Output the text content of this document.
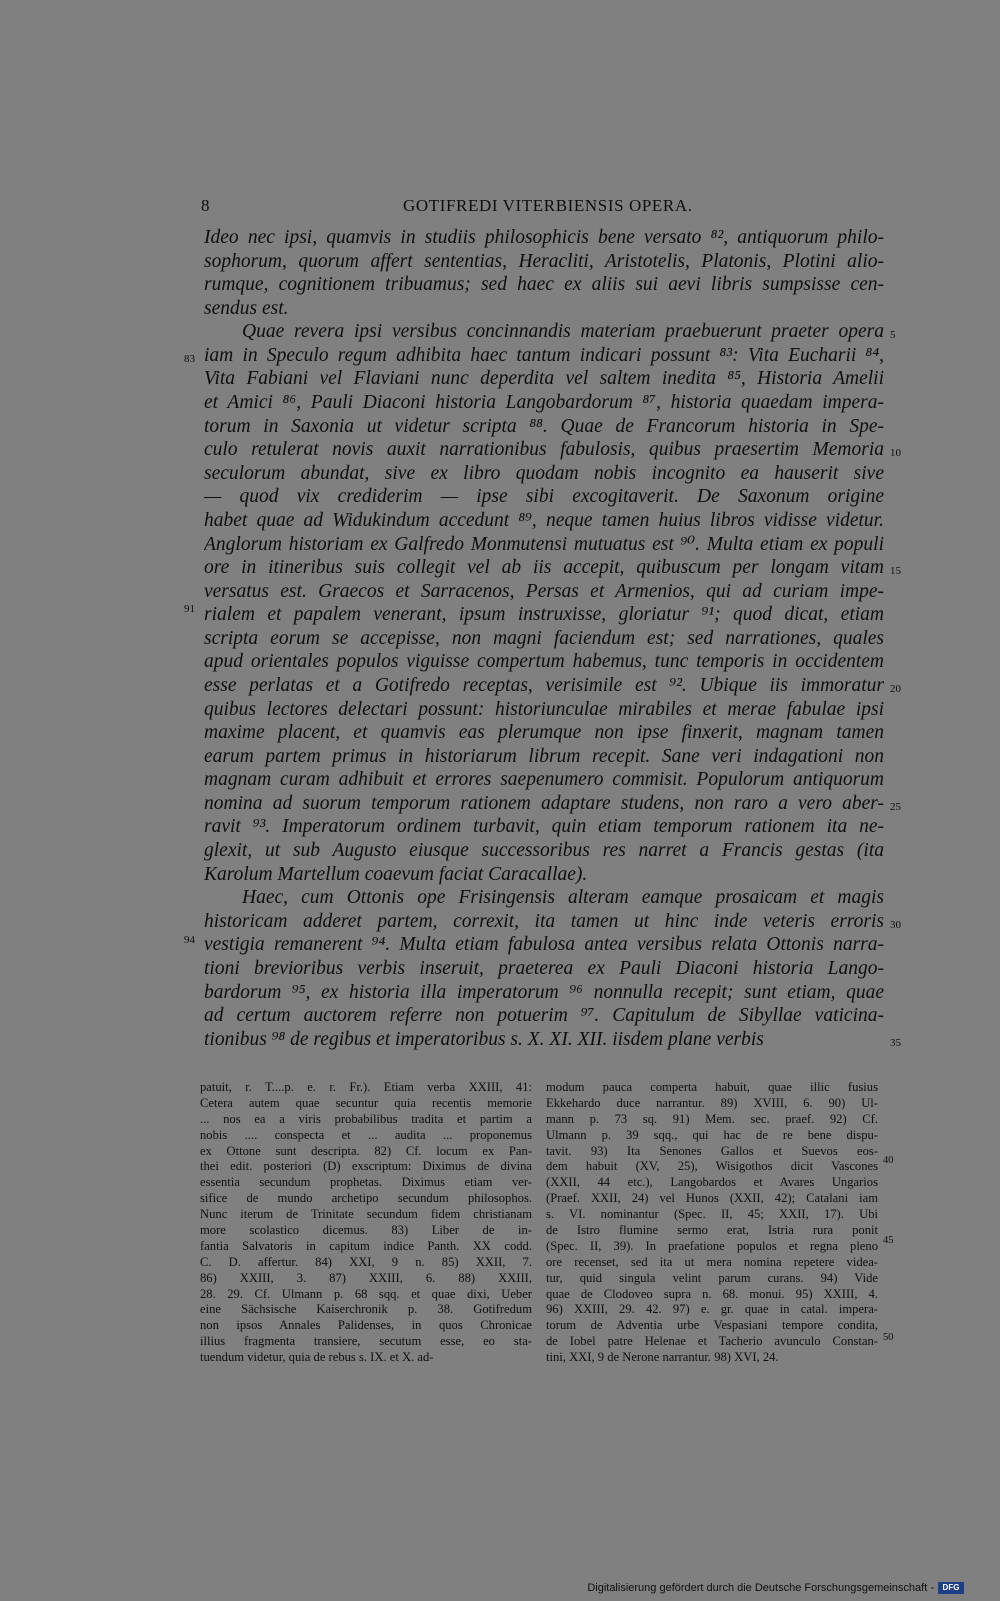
8	GOTIFREDI VITERBIENSIS OPERA.
Ideo nec ipsi, quamvis in studiis philosophicis bene versato ⁸², antiquorum philo-
sophorum, quorum affert sententias, Heracliti, Aristotelis, Platonis, Plotini alio-
rumque, cognitionem tribuamus; sed haec ex aliis sui aevi libris sumpsisse cen-
sendus est.
Quae revera ipsi versibus concinnandis materiam praebuerunt praeter opera
iam in Speculo regum adhibita haec tantum indicari possunt ⁸³: Vita Eucharii ⁸⁴,
Vita Fabiani vel Flaviani nunc deperdita vel saltem inedita ⁸⁵, Historia Amelii
et Amici ⁸⁶, Pauli Diaconi historia Langobardorum ⁸⁷, historia quaedam impera-
torum in Saxonia ut videtur scripta ⁸⁸. Quae de Francorum historia in Spe-
culo retulerat novis auxit narrationibus fabulosis, quibus praesertim Memoria
seculorum abundat, sive ex libro quodam nobis incognito ea hauserit sive
— quod vix crediderim — ipse sibi excogitaverit. De Saxonum origine
habet quae ad Widukindum accedunt ⁸⁹, neque tamen huius libros vidisse videtur.
Anglorum historiam ex Galfredo Monmutensi mutuatus est ⁹⁰. Multa etiam ex populi
ore in itineribus suis collegit vel ab iis accepit, quibuscum per longam vitam
versatus est. Graecos et Sarracenos, Persas et Armenios, qui ad curiam impe-
rialem et papalem venerant, ipsum instruxisse, gloriatur ⁹¹; quod dicat, etiam
scripta eorum se accepisse, non magni faciendum est; sed narrationes, quales
apud orientales populos viguisse compertum habemus, tunc temporis in occidentem
esse perlatas et a Gotifredo receptas, verisimile est ⁹². Ubique iis immoratur
quibus lectores delectari possunt: historiunculae mirabiles et merae fabulae ipsi
maxime placent, et quamvis eas plerumque non ipse finxerit, magnam tamen
earum partem primus in historiarum librum recepit. Sane veri indagationi non
magnam curam adhibuit et errores saepenumero commisit. Populorum antiquorum
nomina ad suorum temporum rationem adaptare studens, non raro a vero aber-
ravit ⁹³. Imperatorum ordinem turbavit, quin etiam temporum rationem ita ne-
glexit, ut sub Augusto eiusque successoribus res narret a Francis gestas (ita
Karolum Martellum coaevum faciat Caracallae).
Haec, cum Ottonis ope Frisingensis alteram eamque prosaicam et magis
historicam adderet partem, correxit, ita tamen ut hinc inde veteris erroris
vestigia remanerent ⁹⁴. Multa etiam fabulosa antea versibus relata Ottonis narra-
tioni brevioribus verbis inseruit, praeterea ex Pauli Diaconi historia Lango-
bardorum ⁹⁵, ex historia illa imperatorum ⁹⁶ nonnulla recepit; sunt etiam, quae
ad certum auctorem referre non potuerim ⁹⁷. Capitulum de Sibyllae vaticina-
tionibus ⁹⁸ de regibus et imperatoribus s. X. XI. XII. iisdem plane verbis
83
91
94
5
10
15
20
25
30
35
patuit, r. T....p. e. r. Fr.). Etiam verba XXIII, 41:
Cetera autem quae secuntur quia recentis memorie
... nos ea a viris probabilibus tradita et partim a
nobis .... conspecta et ... audita ... proponemus
ex Ottone sunt descripta. 82) Cf. locum ex Pan-
thei edit. posteriori (D) exscriptum: Diximus de divina
essentia secundum prophetas. Diximus etiam ver-
sifice de mundo archetipo secundum philosophos.
Nunc iterum de Trinitate secundum fidem christianam
more scolastico dicemus. 83) Liber de in-
fantia Salvatoris in capitum indice Panth. XX codd.
C. D. affertur. 84) XXI, 9 n. 85) XXII, 7.
86) XXIII, 3. 87) XXIII, 6. 88) XXIII,
28. 29. Cf. Ulmann p. 68 sqq. et quae dixi, Ueber
eine Sächsische Kaiserchronik p. 38. Gotifredum
non ipsos Annales Palidenses, in quos Chronicae
illius fragmenta transiere, secutum esse, eo sta-
tuendum videtur, quia de rebus s. IX. et X. ad-
modum pauca comperta habuit, quae illic fusius
Ekkehardo duce narrantur. 89) XVIII, 6. 90) Ul-
mann p. 73 sq. 91) Mem. sec. praef. 92) Cf.
Ulmann p. 39 sqq., qui hac de re bene dispu-
tavit. 93) Ita Senones Gallos et Suevos eos-
dem habuit (XV, 25), Wisigothos dicit Vascones
(XXII, 44 etc.), Langobardos et Avares Ungarios
(Praef. XXII, 24) vel Hunos (XXII, 42); Catalani iam
s. VI. nominantur (Spec. II, 45; XXII, 17). Ubi
de Istro flumine sermo erat, Istria rura ponit
(Spec. II, 39). In praefatione populos et regna pleno
ore recenset, sed ita ut mera nomina repetere videa-
tur, quid singula velint parum curans. 94) Vide
quae de Clodoveo supra n. 68. monui. 95) XXIII, 4.
96) XXIII, 29. 42. 97) e. gr. quae in catal. impera-
torum de Adventia urbe Vespasiani tempore condita,
de Iobel patre Helenae et Tacherio avunculo Constan-
tini, XXI, 9 de Nerone narrantur. 98) XVI, 24.
40
45
50
Digitalisierung gefördert durch die Deutsche Forschungsgemeinschaft -	DFG
